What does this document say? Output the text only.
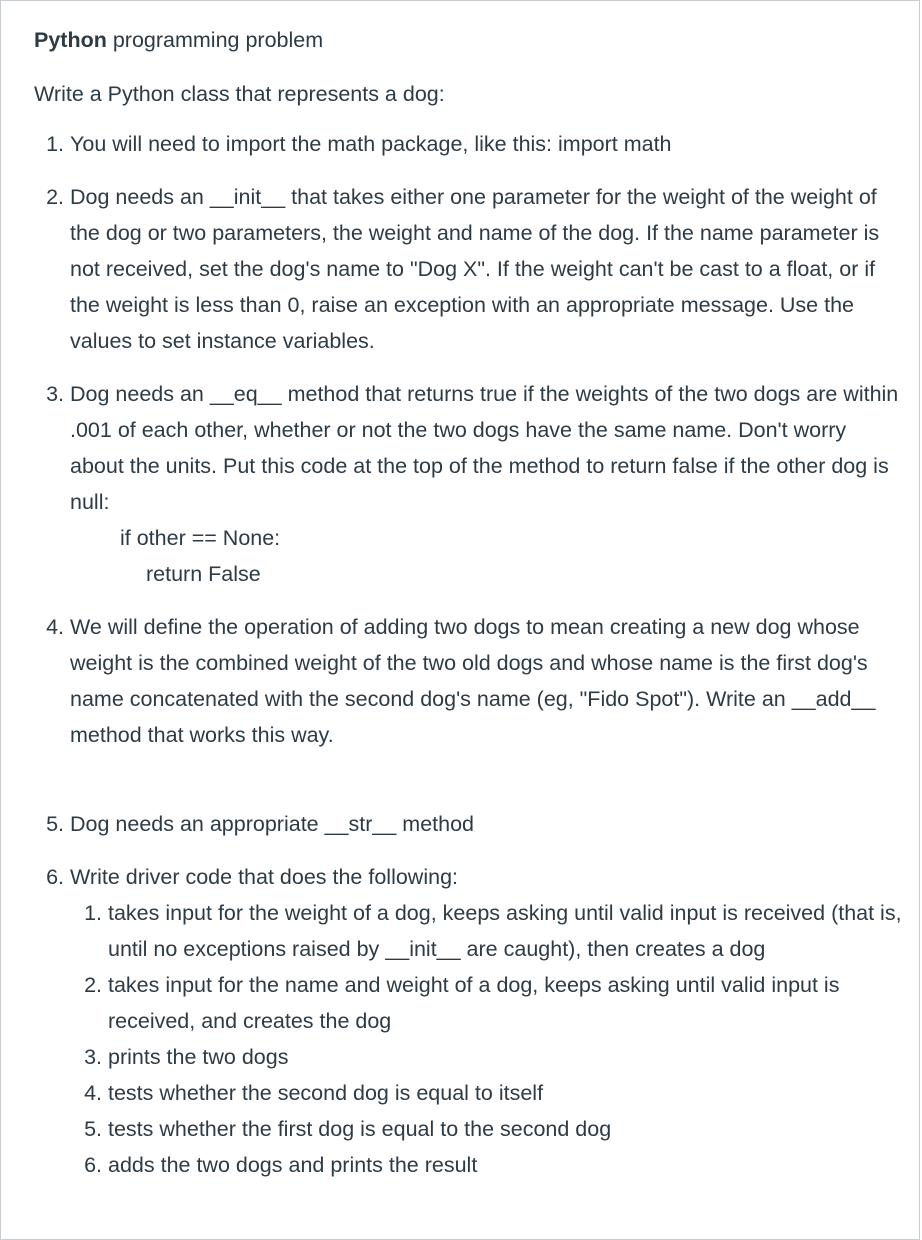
Python programming problem

Write a Python class that represents a dog:

1. You will need to import the math package, like this: import math
2. Dog needs an __init__ that takes either one parameter for the weight of the weight of the dog or two parameters, the weight and name of the dog. If the name parameter is not received, set the dog's name to "Dog X". If the weight can't be cast to a float, or if the weight is less than 0, raise an exception with an appropriate message. Use the values to set instance variables.
3. Dog needs an __eq__ method that returns true if the weights of the two dogs are within .001 of each other, whether or not the two dogs have the same name. Don't worry about the units. Put this code at the top of the method to return false if the other dog is null:
if other == None:
return False
4. We will define the operation of adding two dogs to mean creating a new dog whose weight is the combined weight of the two old dogs and whose name is the first dog's name concatenated with the second dog's name (eg, "Fido Spot"). Write an __add__ method that works this way.
5. Dog needs an appropriate __str__ method
6. Write driver code that does the following:
1. takes input for the weight of a dog, keeps asking until valid input is received (that is, until no exceptions raised by __init__ are caught), then creates a dog
2. takes input for the name and weight of a dog, keeps asking until valid input is received, and creates the dog
3. prints the two dogs
4. tests whether the second dog is equal to itself
5. tests whether the first dog is equal to the second dog
6. adds the two dogs and prints the result
